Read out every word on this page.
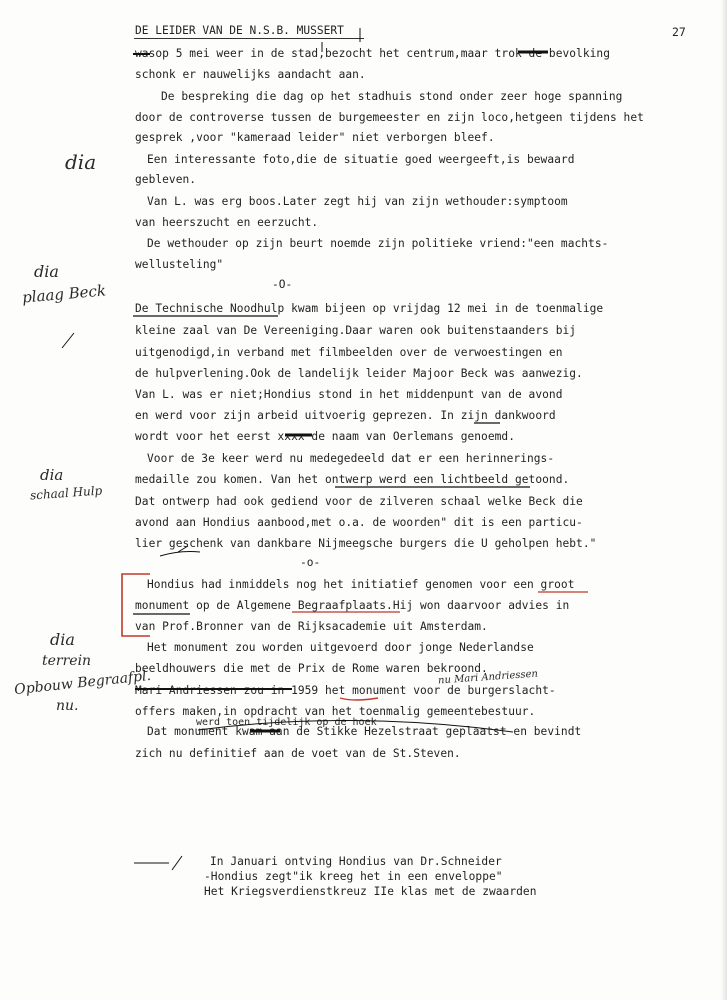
DE LEIDER VAN DE N.S.B. MUSSERT	27
wasop 5 mei weer in de stad,bezocht het centrum,maar trok de bevolking
schonk er nauwelijks aandacht aan.
De bespreking die dag op het stadhuis stond onder zeer hoge spanning
door de controverse tussen de burgemeester en zijn loco,hetgeen tijdens het
gesprek ,voor "kameraad leider" niet verborgen bleef.
Een interessante foto,die de situatie goed weergeeft,is bewaard
gebleven.
Van L. was erg boos.Later zegt hij van zijn wethouder:symptoom
van heerszucht en eerzucht.
De wethouder op zijn beurt noemde zijn politieke vriend:"een machts-
wellusteling"
-O-
De Technische Noodhulp kwam bijeen op vrijdag 12 mei in de toenmalige
kleine zaal van De Vereeniging.Daar waren ook buitenstaanders bij
uitgenodigd,in verband met filmbeelden over de verwoestingen en
de hulpverlening.Ook de landelijk leider Majoor Beck was aanwezig.
Van L. was er niet;Hondius stond in het middenpunt van de avond
en werd voor zijn arbeid uitvoerig geprezen. In zijn dankwoord
wordt voor het eerst xxxx de naam van Oerlemans genoemd.
Voor de 3e keer werd nu medegedeeld dat er een herinnerings-
medaille zou komen. Van het ontwerp werd een lichtbeeld getoond.
Dat ontwerp had ook gediend voor de zilveren schaal welke Beck die
avond aan Hondius aanbood,met o.a. de woorden" dit is een particu-
lier geschenk van dankbare Nijmeegsche burgers die U geholpen hebt."
-o-
Hondius had inmiddels nog het initiatief genomen voor een groot
monument op de Algemene Begraafplaats.Hij won daarvoor advies in
van Prof.Bronner van de Rijksacademie uit Amsterdam.
Het monument zou worden uitgevoerd door jonge Nederlandse
beeldhouwers die met de Prix de Rome waren bekroond.
Mari Andriessen zou in 1959 het monument voor de burgerslacht-
offers maken,in opdracht van het toenmalig gemeentebestuur.
Dat monument kwam aan de Stikke Hezelstraat geplaatst en bevindt
zich nu definitief aan de voet van de St.Steven.
werd toen tijdelijk op de hoek
nu Mari Andriessen
In Januari ontving Hondius van Dr.Schneider
-Hondius zegt"ik kreeg het in een enveloppe"
Het Kriegsverdienstkreuz IIe klas met de zwaarden
dia
dia
plaag Beck
dia
schaal Hulp
dia
terrein
Opbouw Begraafpl.
nu.
